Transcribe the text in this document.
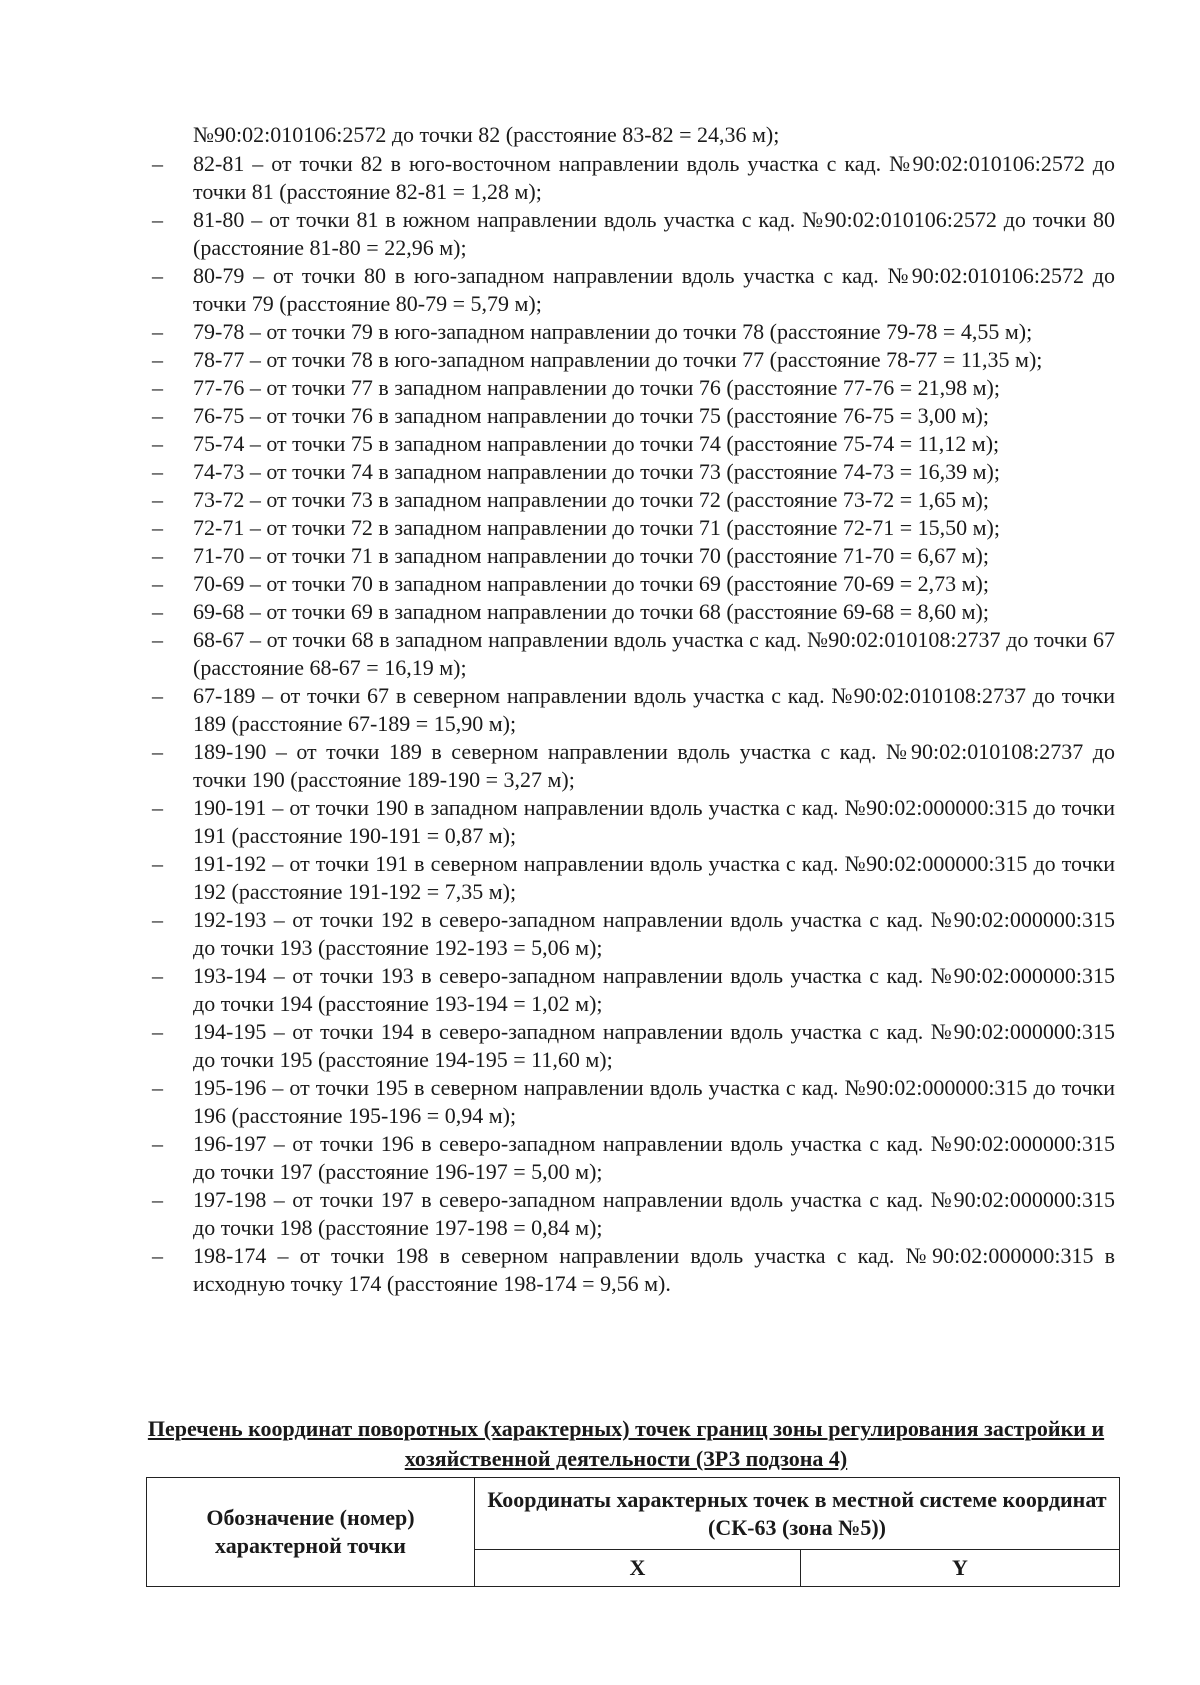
№90:02:010106:2572 до точки 82 (расстояние 83-82 = 24,36 м);

–	82-81 – от точки 82 в юго-восточном направлении вдоль участка с кад. №90:02:010106:2572 до точки 81 (расстояние 82-81 = 1,28 м);
–	81-80 – от точки 81 в южном направлении вдоль участка с кад. №90:02:010106:2572 до точки 80 (расстояние 81-80 = 22,96 м);
–	80-79 – от точки 80 в юго-западном направлении вдоль участка с кад. №90:02:010106:2572 до точки 79 (расстояние 80-79 = 5,79 м);
–	79-78 – от точки 79 в юго-западном направлении до точки 78 (расстояние 79-78 = 4,55 м);
–	78-77 – от точки 78 в юго-западном направлении до точки 77 (расстояние 78-77 = 11,35 м);
–	77-76 – от точки 77 в западном направлении до точки 76 (расстояние 77-76 = 21,98 м);
–	76-75 – от точки 76 в западном направлении до точки 75 (расстояние 76-75 = 3,00 м);
–	75-74 – от точки 75 в западном направлении до точки 74 (расстояние 75-74 = 11,12 м);
–	74-73 – от точки 74 в западном направлении до точки 73 (расстояние 74-73 = 16,39 м);
–	73-72 – от точки 73 в западном направлении до точки 72 (расстояние 73-72 = 1,65 м);
–	72-71 – от точки 72 в западном направлении до точки 71 (расстояние 72-71 = 15,50 м);
–	71-70 – от точки 71 в западном направлении до точки 70 (расстояние 71-70 = 6,67 м);
–	70-69 – от точки 70 в западном направлении до точки 69 (расстояние 70-69 = 2,73 м);
–	69-68 – от точки 69 в западном направлении до точки 68 (расстояние 69-68 = 8,60 м);
–	68-67 – от точки 68 в западном направлении вдоль участка с кад. №90:02:010108:2737 до точки 67 (расстояние 68-67 = 16,19 м);
–	67-189 – от точки 67 в северном направлении вдоль участка с кад. №90:02:010108:2737 до точки 189 (расстояние 67-189 = 15,90 м);
–	189-190 – от точки 189 в северном направлении вдоль участка с кад. №90:02:010108:2737 до точки 190 (расстояние 189-190 = 3,27 м);
–	190-191 – от точки 190 в западном направлении вдоль участка с кад. №90:02:000000:315 до точки 191 (расстояние 190-191 = 0,87 м);
–	191-192 – от точки 191 в северном направлении вдоль участка с кад. №90:02:000000:315 до точки 192 (расстояние 191-192 = 7,35 м);
–	192-193 – от точки 192 в северо-западном направлении вдоль участка с кад. №90:02:000000:315 до точки 193 (расстояние 192-193 = 5,06 м);
–	193-194 – от точки 193 в северо-западном направлении вдоль участка с кад. №90:02:000000:315 до точки 194 (расстояние 193-194 = 1,02 м);
–	194-195 – от точки 194 в северо-западном направлении вдоль участка с кад. №90:02:000000:315 до точки 195 (расстояние 194-195 = 11,60 м);
–	195-196 – от точки 195 в северном направлении вдоль участка с кад. №90:02:000000:315 до точки 196 (расстояние 195-196 = 0,94 м);
–	196-197 – от точки 196 в северо-западном направлении вдоль участка с кад. №90:02:000000:315 до точки 197 (расстояние 196-197 = 5,00 м);
–	197-198 – от точки 197 в северо-западном направлении вдоль участка с кад. №90:02:000000:315 до точки 198 (расстояние 197-198 = 0,84 м);
–	198-174 – от точки 198 в северном направлении вдоль участка с кад. №90:02:000000:315 в исходную точку 174 (расстояние 198-174 = 9,56 м).

Перечень координат поворотных (характерных) точек границ зоны регулирования застройки и хозяйственной деятельности (ЗРЗ подзона 4)

Обозначение (номер) характерной точки	Координаты характерных точек в местной системе координат (СК-63 (зона №5))	
	X	Y
